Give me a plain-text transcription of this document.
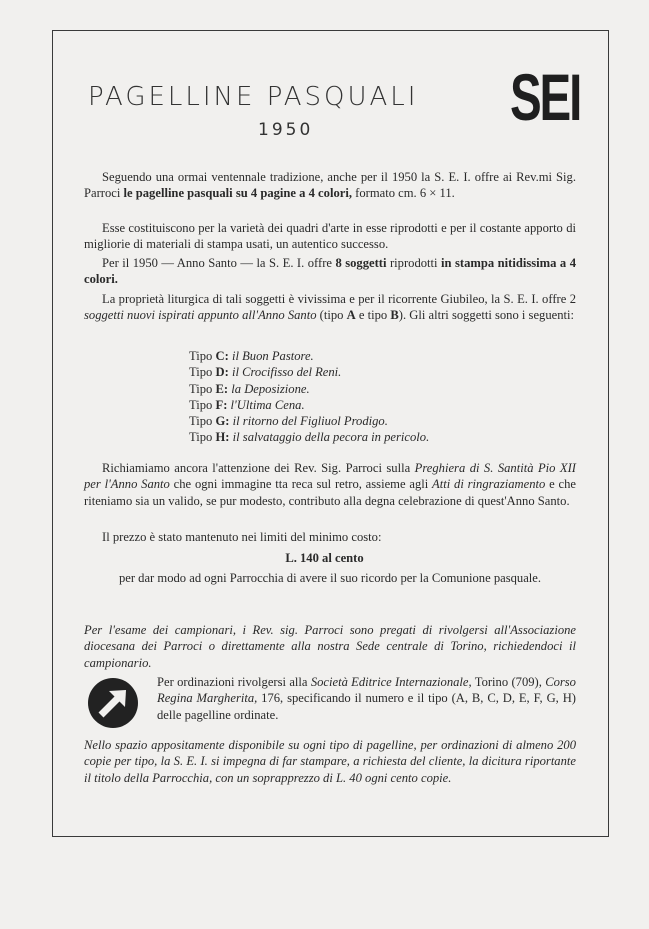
PAGELLINE PASQUALI
1950	SEI
Seguendo una ormai ventennale tradizione, anche per il 1950 la S. E. I. offre ai Rev.mi Sig. Parroci le pagelline pasquali su 4 pagine a 4 colori, formato cm. 6 × 11.
Esse costituiscono per la varietà dei quadri d'arte in esse riprodotti e per il costante apporto di migliorie di materiali di stampa usati, un autentico successo.
Per il 1950 — Anno Santo — la S. E. I. offre 8 soggetti riprodotti in stampa nitidissima a 4 colori.
La proprietà liturgica di tali soggetti è vivissima e per il ricorrente Giubileo, la S. E. I. offre 2 soggetti nuovi ispirati appunto all'Anno Santo (tipo A e tipo B). Gli altri soggetti sono i seguenti:
Tipo C: il Buon Pastore.
Tipo D: il Crocifisso del Reni.
Tipo E: la Deposizione.
Tipo F: l'Ultima Cena.
Tipo G: il ritorno del Figliuol Prodigo.
Tipo H: il salvataggio della pecora in pericolo.
Richiamiamo ancora l'attenzione dei Rev. Sig. Parroci sulla Preghiera di S. Santità Pio XII per l'Anno Santo che ogni immagine tta reca sul retro, assieme agli Atti di ringraziamento e che riteniamo sia un valido, se pur modesto, contributo alla degna celebrazione di quest'Anno Santo.
Il prezzo è stato mantenuto nei limiti del minimo costo:
L. 140 al cento
per dar modo ad ogni Parrocchia di avere il suo ricordo per la Comunione pasquale.
Per l'esame dei campionari, i Rev. sig. Parroci sono pregati di rivolgersi all'Associazione diocesana dei Parroci o direttamente alla nostra Sede centrale di Torino, richiedendoci il campionario.
Per ordinazioni rivolgersi alla Società Editrice Internazionale, Torino (709), Corso Regina Margherita, 176, specificando il numero e il tipo (A, B, C, D, E, F, G, H) delle pagelline ordinate.
Nello spazio appositamente disponibile su ogni tipo di pagelline, per ordinazioni di almeno 200 copie per tipo, la S. E. I. si impegna di far stampare, a richiesta del cliente, la dicitura riportante il titolo della Parrocchia, con un soprapprezzo di L. 40 ogni cento copie.
